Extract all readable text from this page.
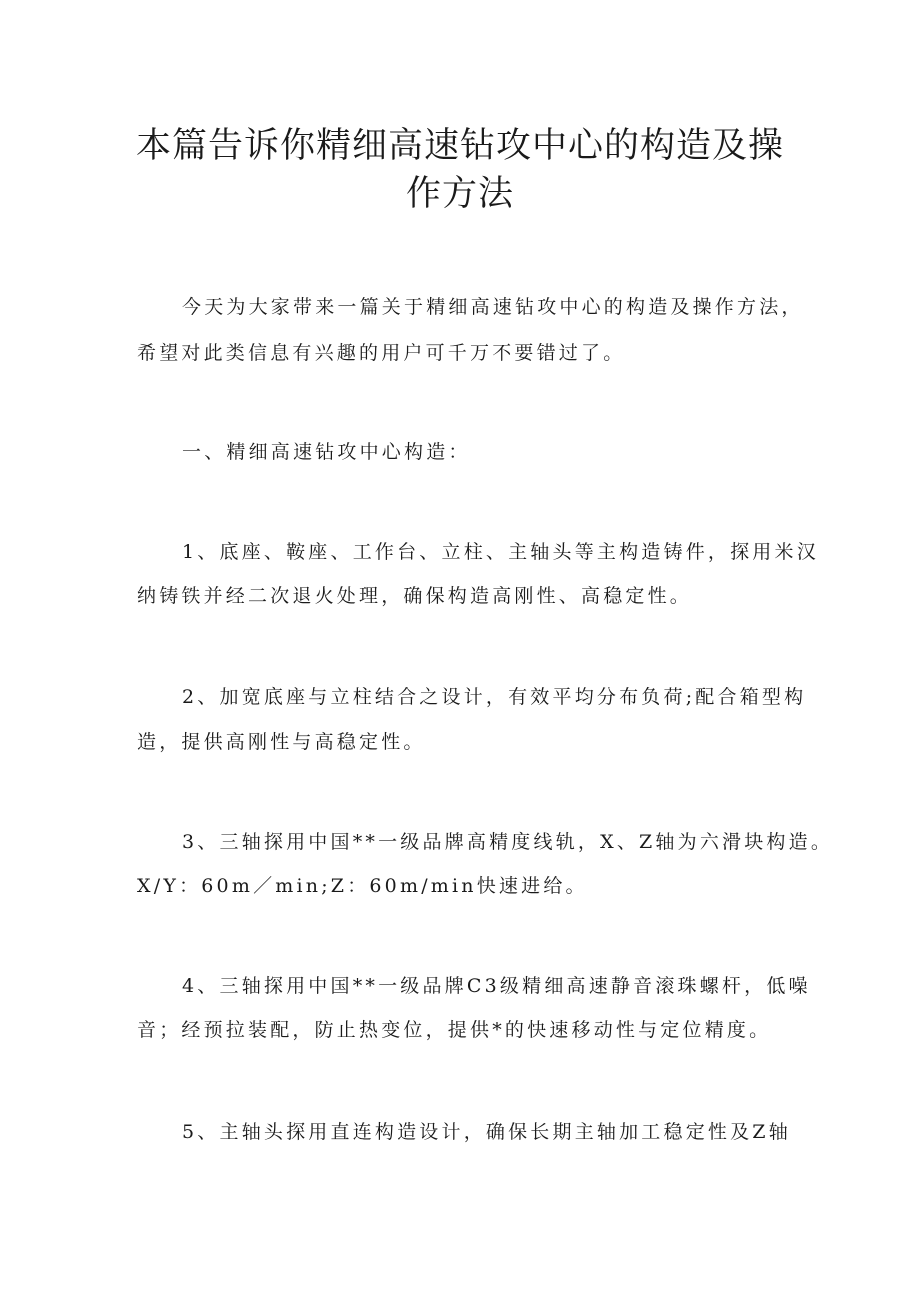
本篇告诉你精细高速钻攻中心的构造及操
作方法

今天为大家带来一篇关于精细高速钻攻中心的构造及操作方法，

希望对此类信息有兴趣的用户可千万不要错过了。

一、精细高速钻攻中心构造：

1、底座、鞍座、工作台、立柱、主轴头等主构造铸件，探用米汉

纳铸铁并经二次退火处理，确保构造高刚性、高稳定性。

2、加宽底座与立柱结合之设计，有效平均分布负荷;配合箱型构

造，提供高刚性与高稳定性。

3、三轴探用中国**一级品牌高精度线轨，X、Z轴为六滑块构造。

X/Y：60m／min;Z：60m/min快速进给。

4、三轴探用中国**一级品牌C3级精细高速静音滚珠螺杆，低噪

音；经预拉装配，防止热变位，提供*的快速移动性与定位精度。

5、主轴头探用直连构造设计，确保长期主轴加工稳定性及Z轴
